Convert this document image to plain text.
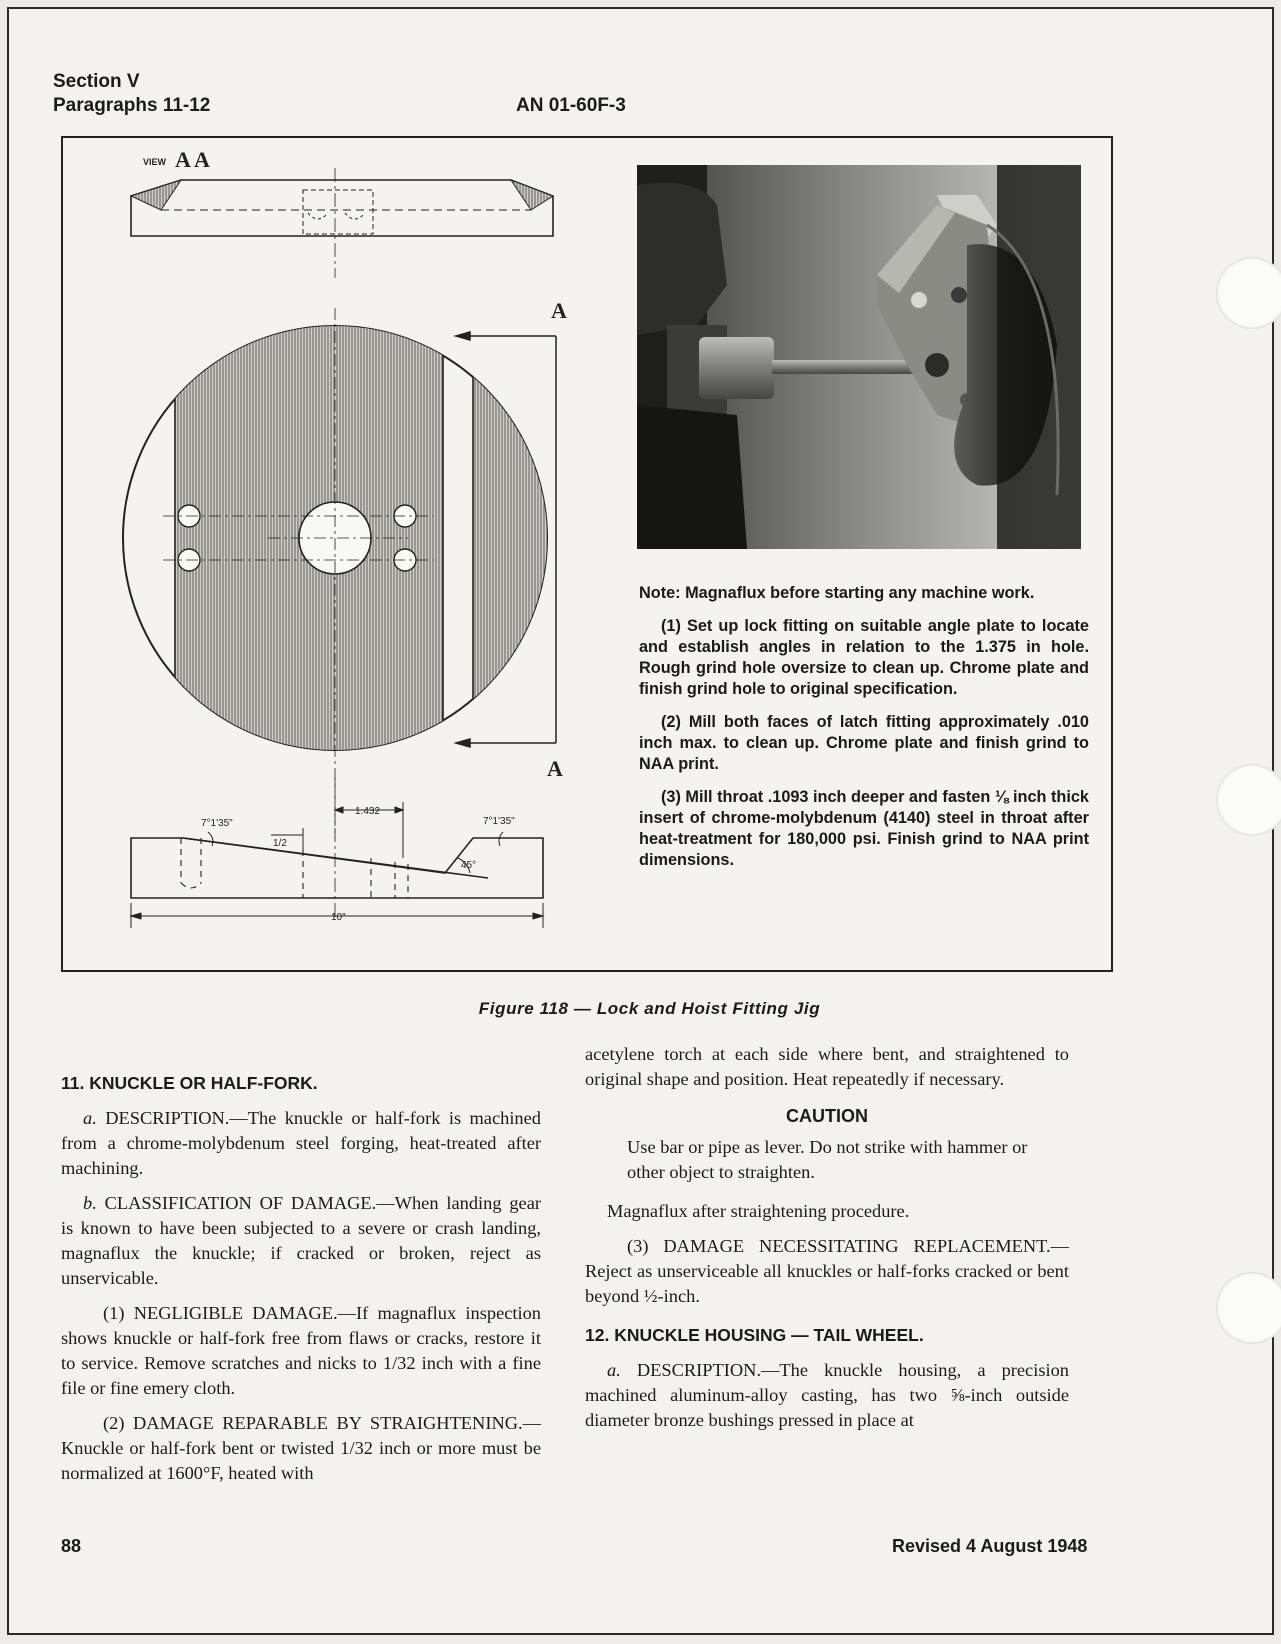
Section V
Paragraphs 11-12	AN 01-60F-3
VIEW A A
A
A
7°1'35"	7°1'35"
1.432
1/2
45°
10"

Note: Magnaflux before starting any machine work.

(1) Set up lock fitting on suitable angle plate to locate and establish angles in relation to the 1.375 in hole. Rough grind hole oversize to clean up. Chrome plate and finish grind hole to original specification.

(2) Mill both faces of latch fitting approximately .010 inch max. to clean up. Chrome plate and finish grind to NAA print.

(3) Mill throat .1093 inch deeper and fasten ⅛ inch thick insert of chrome-molybdenum (4140) steel in throat after heat-treatment for 180,000 psi. Finish grind to NAA print dimensions.

Figure 118 — Lock and Hoist Fitting Jig
11. KNUCKLE OR HALF-FORK.

a. DESCRIPTION.—The knuckle or half-fork is machined from a chrome-molybdenum steel forging, heat-treated after machining.

b. CLASSIFICATION OF DAMAGE.—When landing gear is known to have been subjected to a severe or crash landing, magnaflux the knuckle; if cracked or broken, reject as unservicable.

(1) NEGLIGIBLE DAMAGE.—If magnaflux inspection shows knuckle or half-fork free from flaws or cracks, restore it to service. Remove scratches and nicks to 1/32 inch with a fine file or fine emery cloth.

(2) DAMAGE REPARABLE BY STRAIGHTENING.—Knuckle or half-fork bent or twisted 1/32 inch or more must be normalized at 1600°F, heated with

acetylene torch at each side where bent, and straightened to original shape and position. Heat repeatedly if necessary.

CAUTION

Use bar or pipe as lever. Do not strike with hammer or other object to straighten.

Magnaflux after straightening procedure.

(3) DAMAGE NECESSITATING REPLACEMENT.—Reject as unserviceable all knuckles or half-forks cracked or bent beyond ½-inch.

12. KNUCKLE HOUSING — TAIL WHEEL.

a. DESCRIPTION.—The knuckle housing, a precision machined aluminum-alloy casting, has two ⅝-inch outside diameter bronze bushings pressed in place at

88	Revised 4 August 1948
